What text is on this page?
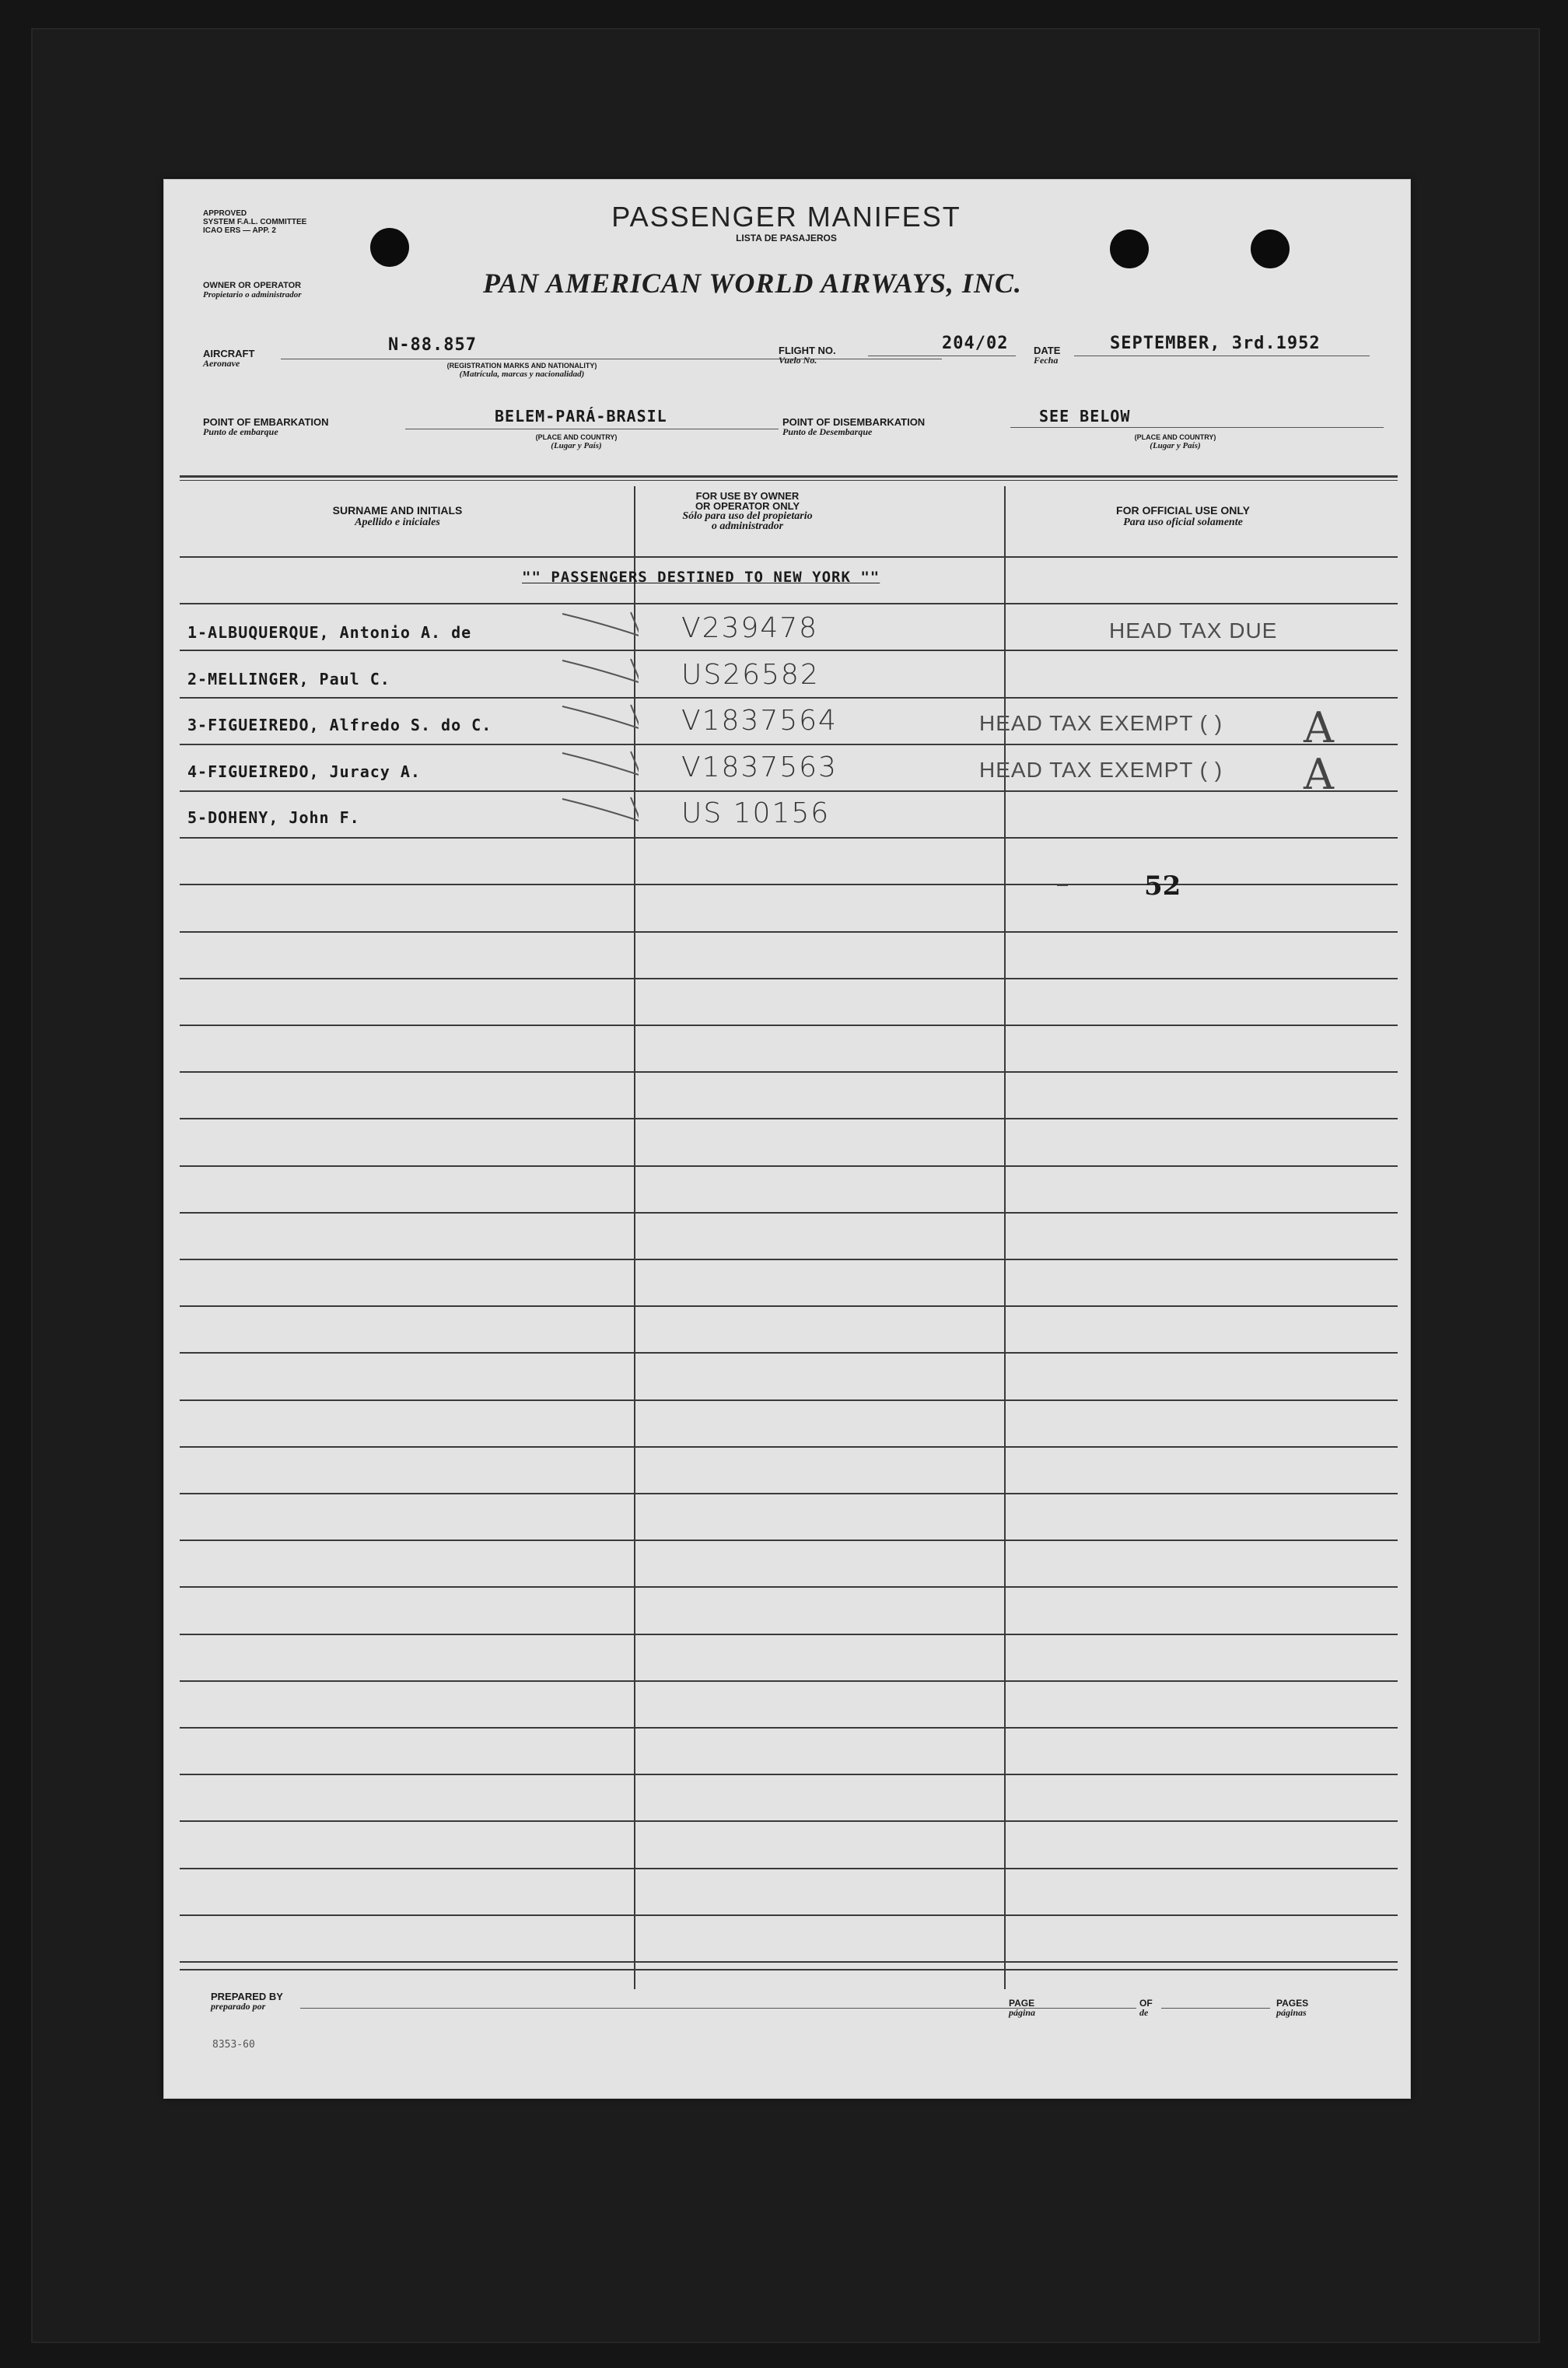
APPROVED
SYSTEM F.A.L. COMMITTEE
ICAO ERS — APP. 2	PASSENGER MANIFEST
LISTA DE PASAJEROS
OWNER OR OPERATOR
Propietario o administrador	PAN AMERICAN WORLD AIRWAYS, INC.
AIRCRAFT
Aeronave
N-88.857
(REGISTRATION MARKS AND NATIONALITY)
(Matrícula, marcas y nacionalidad)
FLIGHT NO.
Vuelo No.
204/02	DATE
Fecha
SEPTEMBER, 3rd.1952
POINT OF EMBARKATION
Punto de embarque
BELEM-PARÁ-BRASIL
(PLACE AND COUNTRY)
(Lugar y País)
POINT OF DISEMBARKATION
Punto de Desembarque
SEE BELOW
(PLACE AND COUNTRY)
(Lugar y País)
SURNAME AND INITIALS
Apellido e iniciales
FOR USE BY OWNER
OR OPERATOR ONLY
Sólo para uso del propietario
o administrador
FOR OFFICIAL USE ONLY
Para uso oficial solamente
"" PASSENGERS DESTINED TO NEW YORK ""
1-ALBUQUERQUE, Antonio A. de	V239478	HEAD TAX DUE
2-MELLINGER, Paul C.	US26582
3-FIGUEIREDO, Alfredo S. do C.	V1837564	HEAD TAX EXEMPT ( ) A
4-FIGUEIREDO, Juracy A.	V1837563	HEAD TAX EXEMPT ( ) A
5-DOHENY, John F.	US 10156
52
PREPARED BY
preparado por	PAGE
página
OF
de
PAGES
páginas
8353-60
